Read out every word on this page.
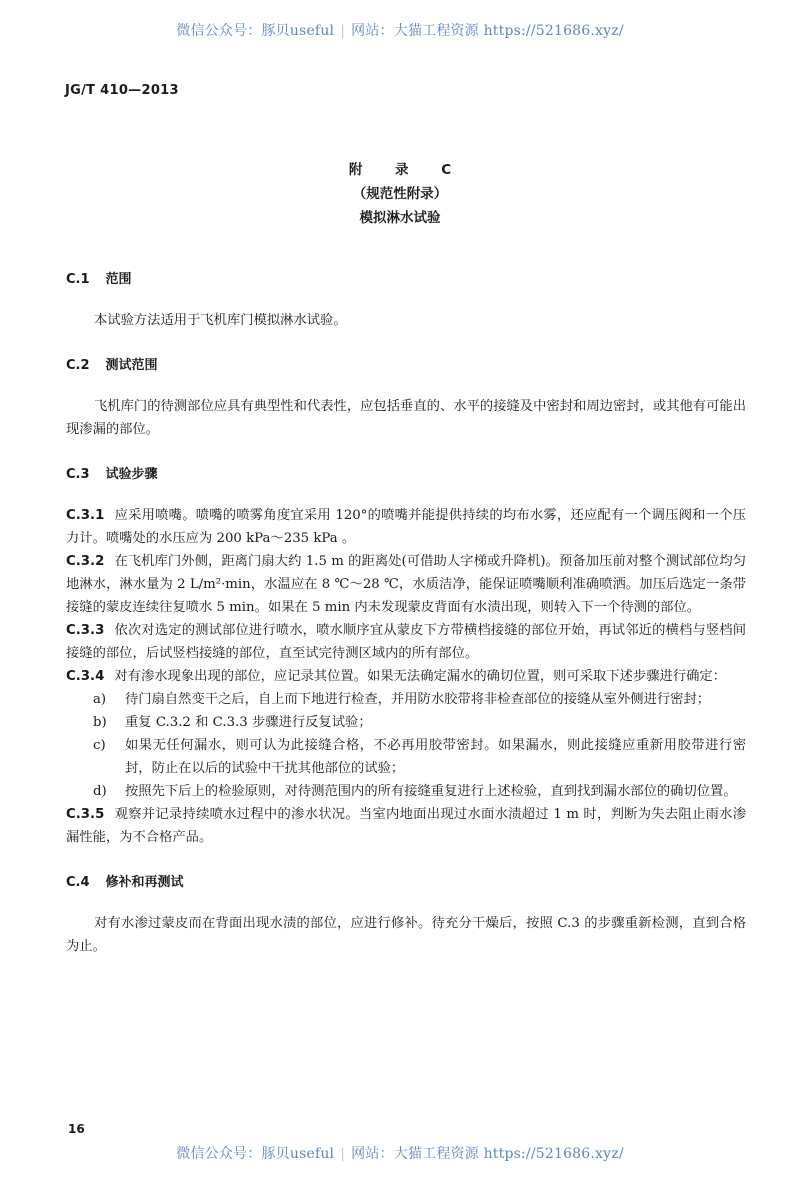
微信公众号：豚贝useful | 网站：大猫工程资源 https://521686.xyz/
JG/T 410—2013
附 录 C
（规范性附录）
模拟淋水试验
C.1 范围
本试验方法适用于飞机库门模拟淋水试验。
C.2 测试范围
飞机库门的待测部位应具有典型性和代表性，应包括垂直的、水平的接缝及中密封和周边密封，或其他有可能出现渗漏的部位。
C.3 试验步骤
C.3.1 应采用喷嘴。喷嘴的喷雾角度宜采用 120°的喷嘴并能提供持续的均布水雾，还应配有一个调压阀和一个压力计。喷嘴处的水压应为 200 kPa～235 kPa 。
C.3.2 在飞机库门外侧，距离门扇大约 1.5 m 的距离处(可借助人字梯或升降机)。预备加压前对整个测试部位均匀地淋水，淋水量为 2 L/m²·min，水温应在 8 ℃～28 ℃，水质洁净，能保证喷嘴顺利准确喷洒。加压后选定一条带接缝的蒙皮连续往复喷水 5 min。如果在 5 min 内未发现蒙皮背面有水渍出现，则转入下一个待测的部位。
C.3.3 依次对选定的测试部位进行喷水，喷水顺序宜从蒙皮下方带横档接缝的部位开始，再试邻近的横档与竖档间接缝的部位，后试竖档接缝的部位，直至试完待测区域内的所有部位。
C.3.4 对有渗水现象出现的部位，应记录其位置。如果无法确定漏水的确切位置，则可采取下述步骤进行确定：
a)	待门扇自然变干之后，自上而下地进行检查，并用防水胶带将非检查部位的接缝从室外侧进行密封；
b)	重复 C.3.2 和 C.3.3 步骤进行反复试验；
c)	如果无任何漏水，则可认为此接缝合格，不必再用胶带密封。如果漏水，则此接缝应重新用胶带进行密封，防止在以后的试验中干扰其他部位的试验；
d)	按照先下后上的检验原则，对待测范围内的所有接缝重复进行上述检验，直到找到漏水部位的确切位置。
C.3.5 观察并记录持续喷水过程中的渗水状况。当室内地面出现过水面水渍超过 1 m 时，判断为失去阻止雨水渗漏性能，为不合格产品。
C.4 修补和再测试
对有水渗过蒙皮而在背面出现水渍的部位，应进行修补。待充分干燥后，按照 C.3 的步骤重新检测，直到合格为止。
16
微信公众号：豚贝useful | 网站：大猫工程资源 https://521686.xyz/
